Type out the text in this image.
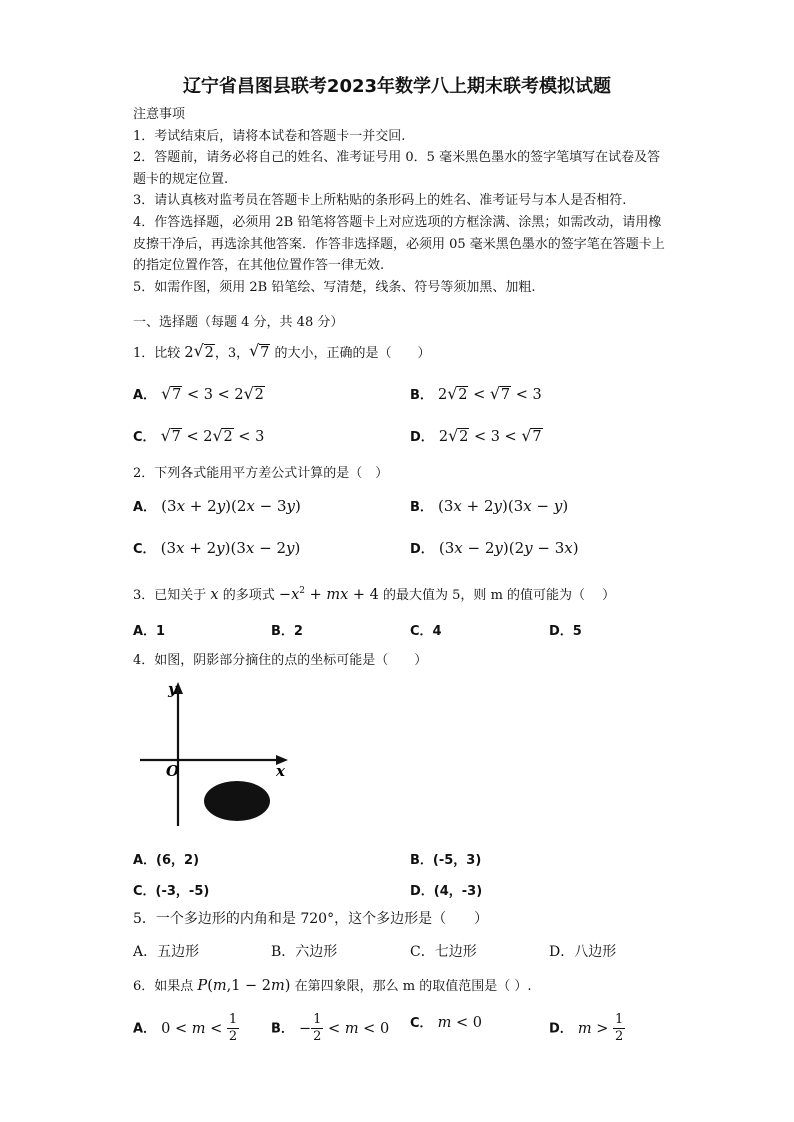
辽宁省昌图县联考2023年数学八上期末联考模拟试题
注意事项
1．考试结束后，请将本试卷和答题卡一并交回.
2．答题前，请务必将自己的姓名、准考证号用 0．5 毫米黑色墨水的签字笔填写在试卷及答题卡的规定位置.
3．请认真核对监考员在答题卡上所粘贴的条形码上的姓名、准考证号与本人是否相符.
4．作答选择题，必须用 2B 铅笔将答题卡上对应选项的方框涂满、涂黑；如需改动，请用橡皮擦干净后，再选涂其他答案．作答非选择题，必须用 05 毫米黑色墨水的签字笔在答题卡上的指定位置作答，在其他位置作答一律无效.
5．如需作图，须用 2B 铅笔绘、写清楚，线条、符号等须加黑、加粗.
一、选择题（每题 4 分，共 48 分）
1．比较 2 √ 2，3， √ 7 的大小，正确的是（　　）
A． √ 7 < 3 < 2 √ 2	B． 2 √ 2 < √ 7 < 3
C． √ 7 < 2 √ 2 < 3	D． 2 √ 2 < 3 < √ 7
2．下列各式能用平方差公式计算的是（　）
A． (3x + 2y)(2x − 3y)	B． (3x + 2y)(3x − y)
C． (3x + 2y)(3x − 2y)	D． (3x − 2y)(2y − 3x)
3．已知关于 x 的多项式 $-x^2$ + mx + 4 的最大值为 5，则 m 的值可能为（　 ）
A．1	B．2	C．4	D．5
4．如图，阴影部分摘住的点的坐标可能是（　　）
y
x
O
A．(6，2)	B．(-5，3)
C．(-3，-5)	D．(4，-3)
5．一个多边形的内角和是 720°，这个多边形是（　　）
A．五边形	B．六边形	C．七边形	D．八边形
6．如果点 P(m,1 − 2m) 在第四象限，那么 m 的取值范围是（ ）.
A． $0 < m < \frac{1}{2}$ B． − $\frac{1}{2} < m < 0$ C． m < 0	D． $m > \frac{1}{2}$
